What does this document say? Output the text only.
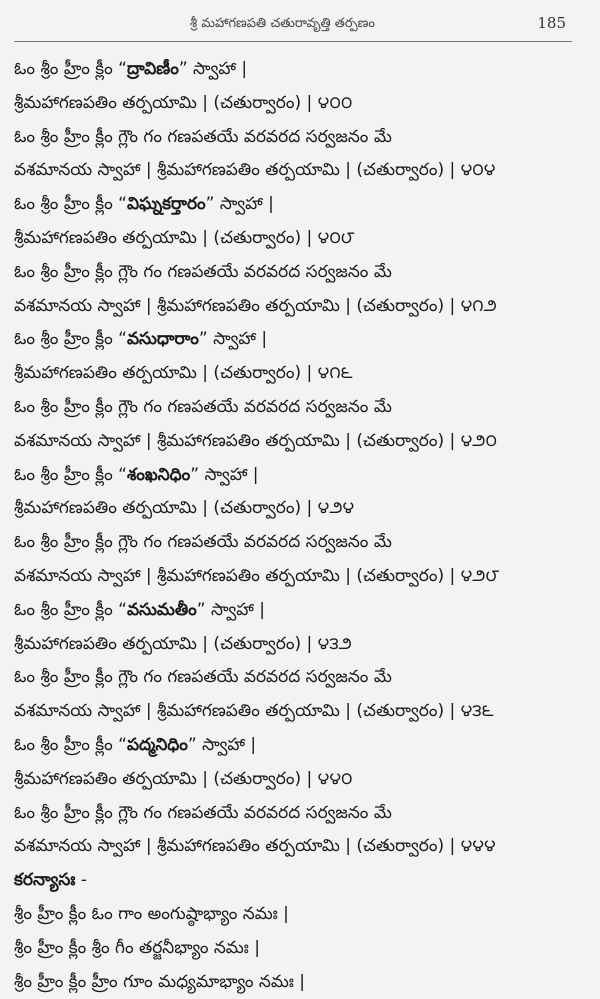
శ్రీ మహాగణపతి చతురావృత్తి తర్పణం	185
ఓం శ్రీం హ్రీం క్లీం “ద్రావిణీం” స్వాహా |
శ్రీమహాగణపతిం తర్పయామి | (చతుర్వారం) | ౪౦౦
ఓం శ్రీం హ్రీం క్లీం గ్లౌం గం గణపతయే వరవరద సర్వజనం మే
వశమానయ స్వాహా | శ్రీమహాగణపతిం తర్పయామి | (చతుర్వారం) | ౪౦౪
ఓం శ్రీం హ్రీం క్లీం “విఘ్నకర్తారం” స్వాహా |
శ్రీమహాగణపతిం తర్పయామి | (చతుర్వారం) | ౪౦౮
ఓం శ్రీం హ్రీం క్లీం గ్లౌం గం గణపతయే వరవరద సర్వజనం మే
వశమానయ స్వాహా | శ్రీమహాగణపతిం తర్పయామి | (చతుర్వారం) | ౪౧౨
ఓం శ్రీం హ్రీం క్లీం “వసుధారాం” స్వాహా |
శ్రీమహాగణపతిం తర్పయామి | (చతుర్వారం) | ౪౧౬
ఓం శ్రీం హ్రీం క్లీం గ్లౌం గం గణపతయే వరవరద సర్వజనం మే
వశమానయ స్వాహా | శ్రీమహాగణపతిం తర్పయామి | (చతుర్వారం) | ౪౨౦
ఓం శ్రీం హ్రీం క్లీం “శంఖనిధిం” స్వాహా |
శ్రీమహాగణపతిం తర్పయామి | (చతుర్వారం) | ౪౨౪
ఓం శ్రీం హ్రీం క్లీం గ్లౌం గం గణపతయే వరవరద సర్వజనం మే
వశమానయ స్వాహా | శ్రీమహాగణపతిం తర్పయామి | (చతుర్వారం) | ౪౨౮
ఓం శ్రీం హ్రీం క్లీం “వసుమతీం” స్వాహా |
శ్రీమహాగణపతిం తర్పయామి | (చతుర్వారం) | ౪౩౨
ఓం శ్రీం హ్రీం క్లీం గ్లౌం గం గణపతయే వరవరద సర్వజనం మే
వశమానయ స్వాహా | శ్రీమహాగణపతిం తర్పయామి | (చతుర్వారం) | ౪౩౬
ఓం శ్రీం హ్రీం క్లీం “పద్మనిధిం” స్వాహా |
శ్రీమహాగణపతిం తర్పయామి | (చతుర్వారం) | ౪౪౦
ఓం శ్రీం హ్రీం క్లీం గ్లౌం గం గణపతయే వరవరద సర్వజనం మే
వశమానయ స్వాహా | శ్రీమహాగణపతిం తర్పయామి | (చతుర్వారం) | ౪౪౪
కరన్యాసః -
శ్రీం హ్రీం క్లీం ఓం గాం అంగుష్ఠాభ్యాం నమః |
శ్రీం హ్రీం క్లీం శ్రీం గీం తర్జనీభ్యాం నమః |
శ్రీం హ్రీం క్లీం హ్రీం గూం మధ్యమాభ్యాం నమః |
